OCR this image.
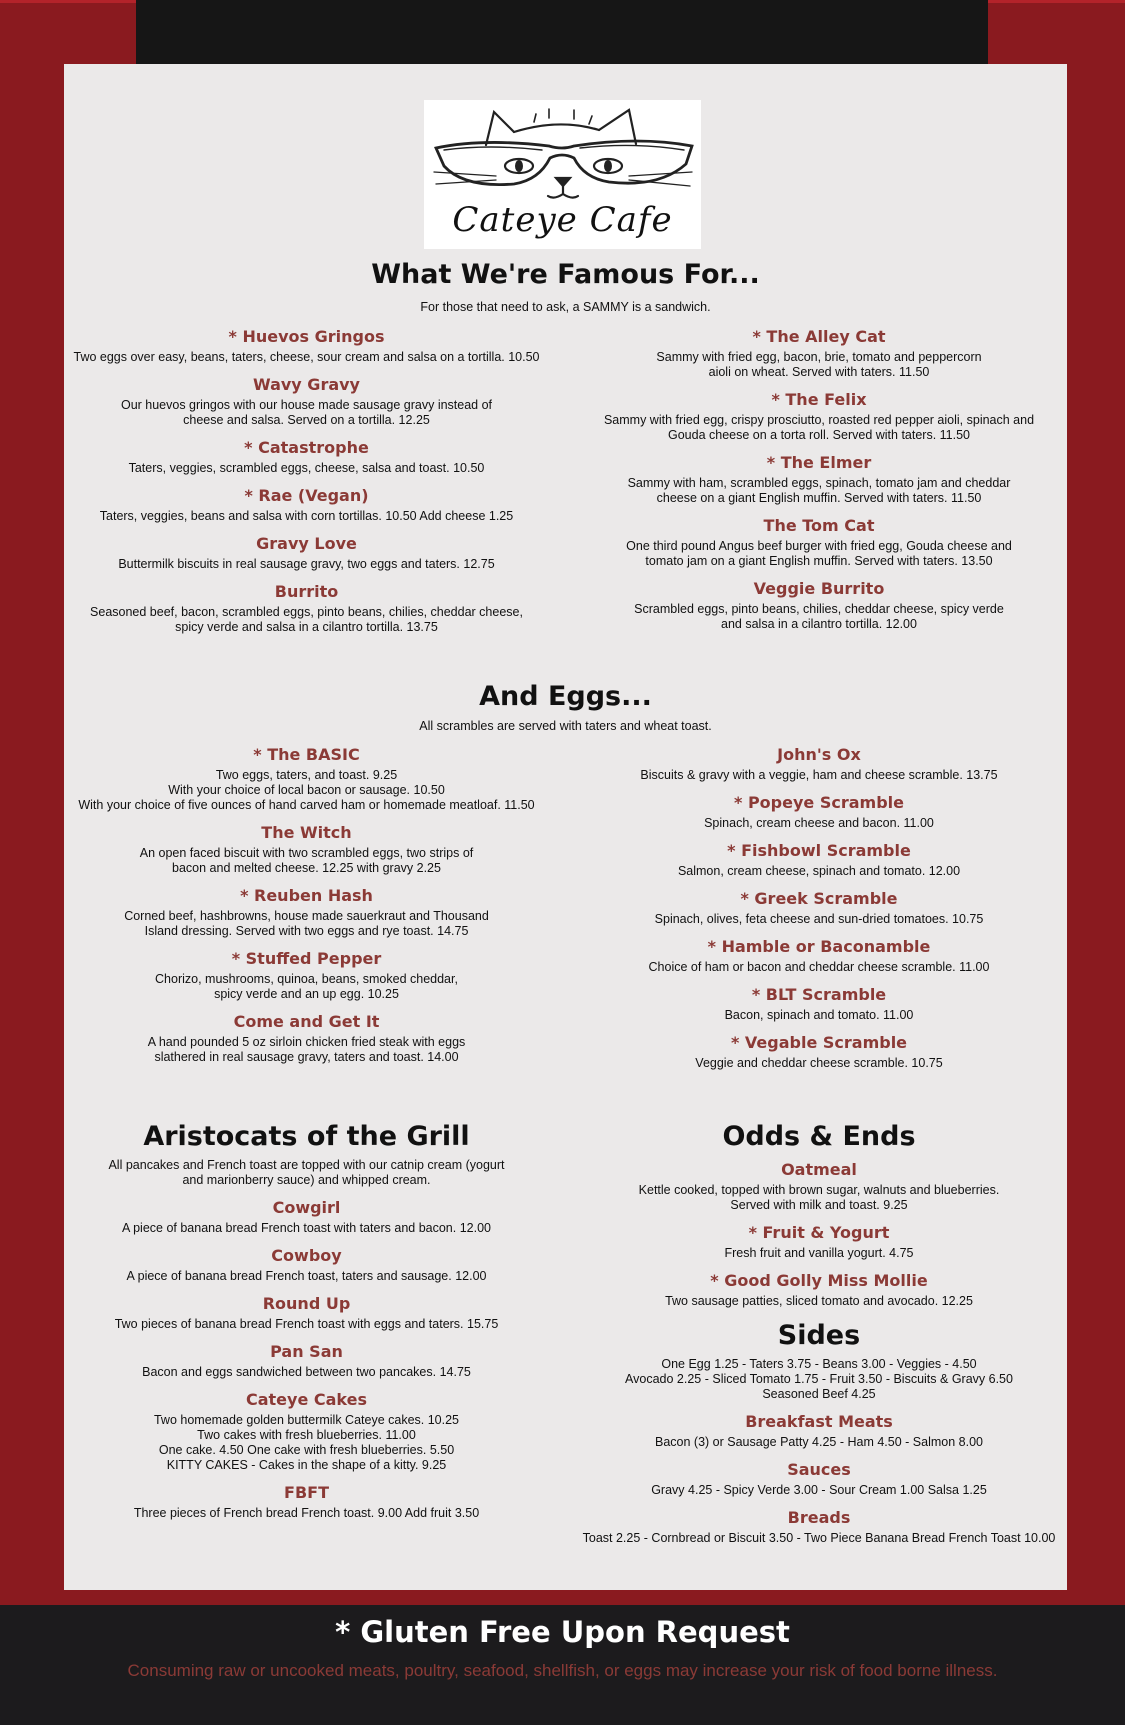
Cateye Cafe
What We're Famous For...
For those that need to ask, a SAMMY is a sandwich.
* Huevos Gringos
Two eggs over easy, beans, taters, cheese, sour cream and salsa on a tortilla. 10.50
Wavy Gravy
Our huevos gringos with our house made sausage gravy instead of
cheese and salsa. Served on a tortilla. 12.25
* Catastrophe
Taters, veggies, scrambled eggs, cheese, salsa and toast. 10.50
* Rae (Vegan)
Taters, veggies, beans and salsa with corn tortillas. 10.50 Add cheese 1.25
Gravy Love
Buttermilk biscuits in real sausage gravy, two eggs and taters. 12.75
Burrito
Seasoned beef, bacon, scrambled eggs, pinto beans, chilies, cheddar cheese,
spicy verde and salsa in a cilantro tortilla. 13.75
* The Alley Cat
Sammy with fried egg, bacon, brie, tomato and peppercorn
aioli on wheat. Served with taters. 11.50
* The Felix
Sammy with fried egg, crispy prosciutto, roasted red pepper aioli, spinach and
Gouda cheese on a torta roll. Served with taters. 11.50
* The Elmer
Sammy with ham, scrambled eggs, spinach, tomato jam and cheddar
cheese on a giant English muffin. Served with taters. 11.50
The Tom Cat
One third pound Angus beef burger with fried egg, Gouda cheese and
tomato jam on a giant English muffin. Served with taters. 13.50
Veggie Burrito
Scrambled eggs, pinto beans, chilies, cheddar cheese, spicy verde
and salsa in a cilantro tortilla. 12.00
And Eggs...
All scrambles are served with taters and wheat toast.
* The BASIC
Two eggs, taters, and toast. 9.25
With your choice of local bacon or sausage. 10.50
With your choice of five ounces of hand carved ham or homemade meatloaf. 11.50
The Witch
An open faced biscuit with two scrambled eggs, two strips of
bacon and melted cheese. 12.25 with gravy 2.25
* Reuben Hash
Corned beef, hashbrowns, house made sauerkraut and Thousand
Island dressing. Served with two eggs and rye toast. 14.75
* Stuffed Pepper
Chorizo, mushrooms, quinoa, beans, smoked cheddar,
spicy verde and an up egg. 10.25
Come and Get It
A hand pounded 5 oz sirloin chicken fried steak with eggs
slathered in real sausage gravy, taters and toast. 14.00
John's Ox
Biscuits & gravy with a veggie, ham and cheese scramble. 13.75
* Popeye Scramble
Spinach, cream cheese and bacon. 11.00
* Fishbowl Scramble
Salmon, cream cheese, spinach and tomato. 12.00
* Greek Scramble
Spinach, olives, feta cheese and sun-dried tomatoes. 10.75
* Hamble or Baconamble
Choice of ham or bacon and cheddar cheese scramble. 11.00
* BLT Scramble
Bacon, spinach and tomato. 11.00
* Vegable Scramble
Veggie and cheddar cheese scramble. 10.75
Aristocats of the Grill
All pancakes and French toast are topped with our catnip cream (yogurt
and marionberry sauce) and whipped cream.
Cowgirl
A piece of banana bread French toast with taters and bacon. 12.00
Cowboy
A piece of banana bread French toast, taters and sausage. 12.00
Round Up
Two pieces of banana bread French toast with eggs and taters. 15.75
Pan San
Bacon and eggs sandwiched between two pancakes. 14.75
Cateye Cakes
Two homemade golden buttermilk Cateye cakes. 10.25
Two cakes with fresh blueberries. 11.00
One cake. 4.50 One cake with fresh blueberries. 5.50
KITTY CAKES - Cakes in the shape of a kitty. 9.25
FBFT
Three pieces of French bread French toast. 9.00 Add fruit 3.50
Odds & Ends
Oatmeal
Kettle cooked, topped with brown sugar, walnuts and blueberries.
Served with milk and toast. 9.25
* Fruit & Yogurt
Fresh fruit and vanilla yogurt. 4.75
* Good Golly Miss Mollie
Two sausage patties, sliced tomato and avocado. 12.25
Sides
One Egg 1.25 - Taters 3.75 - Beans 3.00 - Veggies - 4.50
Avocado 2.25 - Sliced Tomato 1.75 - Fruit 3.50 - Biscuits & Gravy 6.50
Seasoned Beef 4.25
Breakfast Meats
Bacon (3) or Sausage Patty 4.25 - Ham 4.50 - Salmon 8.00
Sauces
Gravy 4.25 - Spicy Verde 3.00 - Sour Cream 1.00 Salsa 1.25
Breads
Toast 2.25 - Cornbread or Biscuit 3.50 - Two Piece Banana Bread French Toast 10.00
* Gluten Free Upon Request
Consuming raw or uncooked meats, poultry, seafood, shellfish, or eggs may increase your risk of food borne illness.
